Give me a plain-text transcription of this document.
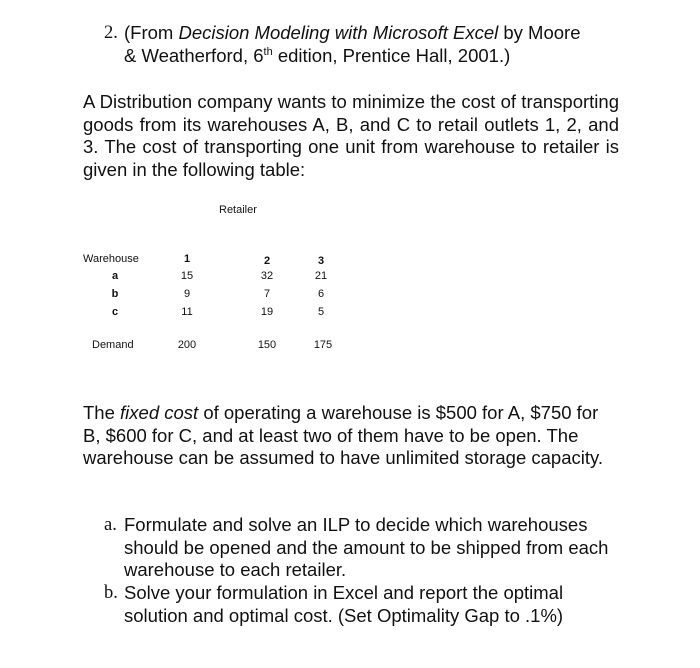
2. (From Decision Modeling with Microsoft Excel by Moore
& Weatherford, 6th edition, Prentice Hall, 2001.)
A Distribution company wants to minimize the cost of transporting goods from its warehouses A, B, and C to retail outlets 1, 2, and 3. The cost of transporting one unit from warehouse to retailer is given in the following table:
Retailer
Warehouse	1	2	3
a	15	32	21
b	9	7	6
c	11	19	5
Demand	200	150	175
The fixed cost of operating a warehouse is $500 for A, $750 for B, $600 for C, and at least two of them have to be open. The warehouse can be assumed to have unlimited storage capacity.
a. Formulate and solve an ILP to decide which warehouses should be opened and the amount to be shipped from each warehouse to each retailer.
b. Solve your formulation in Excel and report the optimal solution and optimal cost. (Set Optimality Gap to .1%)
